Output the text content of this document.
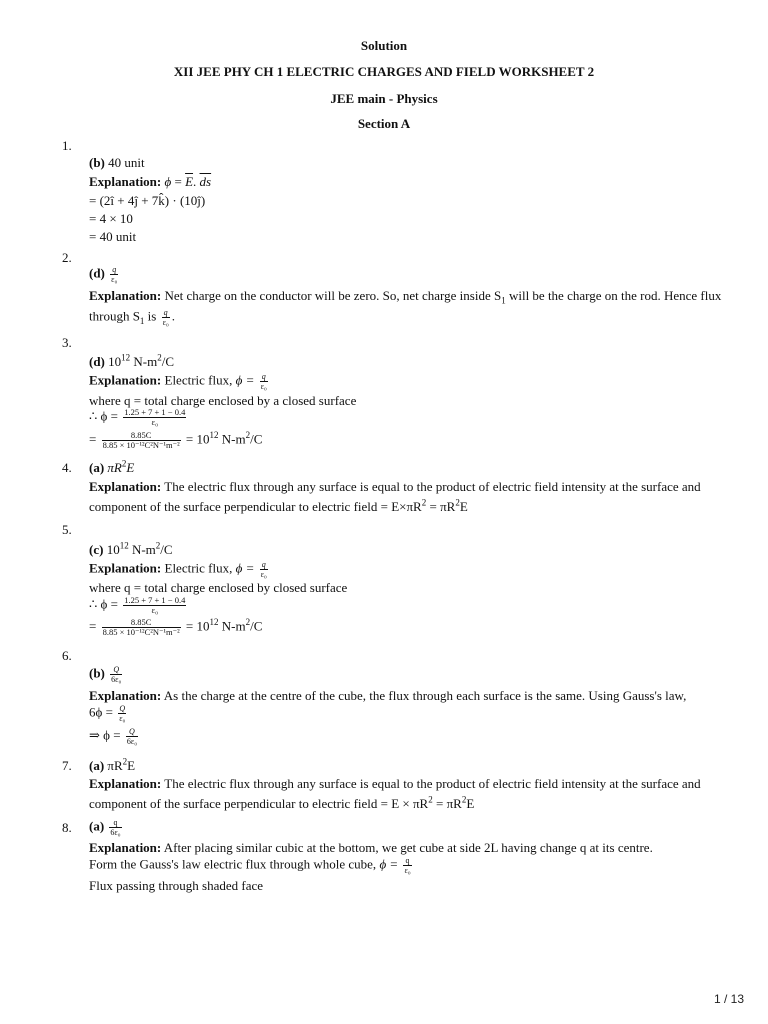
Solution
XII JEE PHY CH 1 ELECTRIC CHARGES AND FIELD WORKSHEET 2
JEE main - Physics
Section A
1.
(b) 40 unit
Explanation: $\phi = \overline{E}$. $\overline{ds}$
= (2î + 4ĵ + 7k̂) · (10ĵ)
= 4 × 10
= 40 unit
2.
$(d) \frac{q}{\text{ε₀}}$
Explanation: Net charge on the conductor will be zero. So, net charge inside $S_1$ will be the charge on the rod. Hence flux
through $S_1$ is $\frac{q}{\text{ε₀}}$ .
3.
(d) $10^{12}$ $N-m^2/C$
Explanation: Electric flux, $\phi = \frac{q}{\text{ε₀}}$
where q = total charge enclosed by a closed surface
∴ $\phi = \frac{1.25 + 7 + 1 - 0.4}{\text{ε₀}}$
= $\frac{8.85C}{\text{8.85 × 10⁻¹²C²N⁻¹m⁻²}} = 10^{12}$ $N-m^2/C$
4. (a) $\pi R^2E$
Explanation: The electric flux through any surface is equal to the product of electric field intensity at the surface and
component of the surface perpendicular to electric field = $E\times\pi R^2 = \pi R^2E$
5.
(c) $10^{12}$ $N-m^2/C$
Explanation: Electric flux, $\phi = \frac{q}{\text{ε₀}}$
where q = total charge enclosed by closed surface
∴ $\phi = \frac{1.25 + 7 + 1 - 0.4}{\text{ε₀}}$
= $\frac{8.85C}{\text{8.85 × 10⁻¹²C²N⁻¹m⁻²}} = 10^{12}$ $N-m^2/C$
6.
$(b) \frac{Q}{\text{6ε₀}}$
Explanation: As the charge at the centre of the cube, the flux through each surface is the same. Using Gauss's law,
$6\phi = \frac{Q}{\text{ε₀}}$
⇒ $\phi = \frac{Q}{\text{6ε₀}}$
7. (a) $\pi R^2E$
Explanation: The electric flux through any surface is equal to the product of electric field intensity at the surface and
component of the surface perpendicular to electric field = $E \times \pi R^2 = \pi R^2E$
8. $(a) \frac{q}{\text{6ε₀}}$
Explanation: After placing similar cubic at the bottom, we get cube at side 2L having change q at its centre.
Form the Gauss's law electric flux through whole cube, $\phi = \frac{q}{\text{ε₀}}$
Flux passing through shaded face
1 / 13
